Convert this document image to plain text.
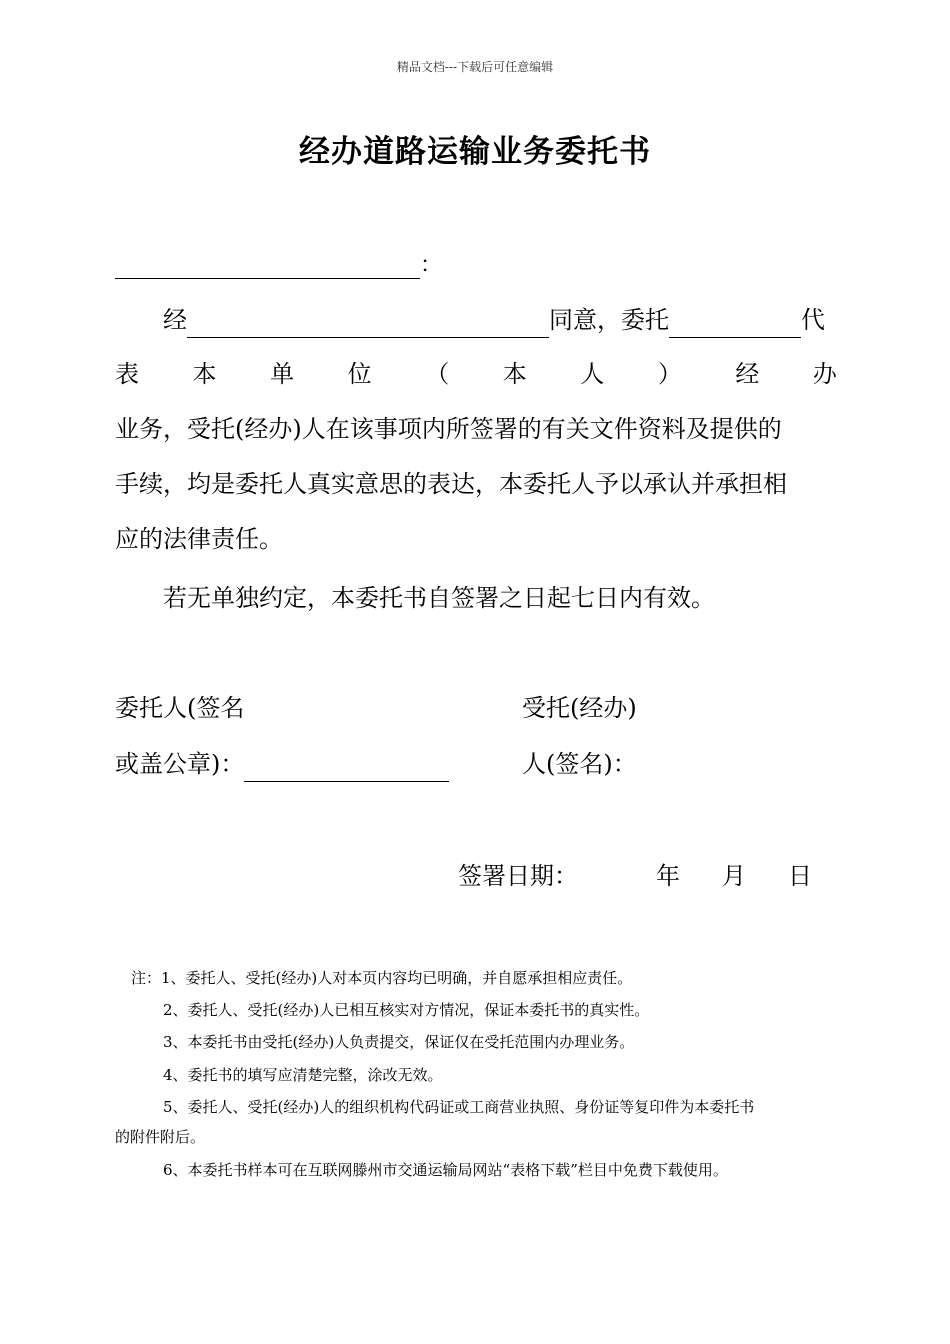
精品文档---下载后可任意编辑
经办道路运输业务委托书
：
经	同意，委托	代
表 本 单 位 （ 本 人 ） 经 办
业务，受托(经办)人在该事项内所签署的有关文件资料及提供的
手续，均是委托人真实意思的表达，本委托人予以承认并承担相
应的法律责任。
若无单独约定，本委托书自签署之日起七日内有效。
委托人(签名
或盖公章)：
受托(经办)
人(签名)：
签署日期：	年 月 日
注：1、委托人、受托(经办)人对本页内容均已明确，并自愿承担相应责任。
2、委托人、受托(经办)人已相互核实对方情况，保证本委托书的真实性。
3、本委托书由受托(经办)人负责提交，保证仅在受托范围内办理业务。
4、委托书的填写应清楚完整，涂改无效。
5、委托人、受托(经办)人的组织机构代码证或工商营业执照、身份证等复印件为本委托书
的附件附后。
6、本委托书样本可在互联网滕州市交通运输局网站“表格下载”栏目中免费下载使用。
